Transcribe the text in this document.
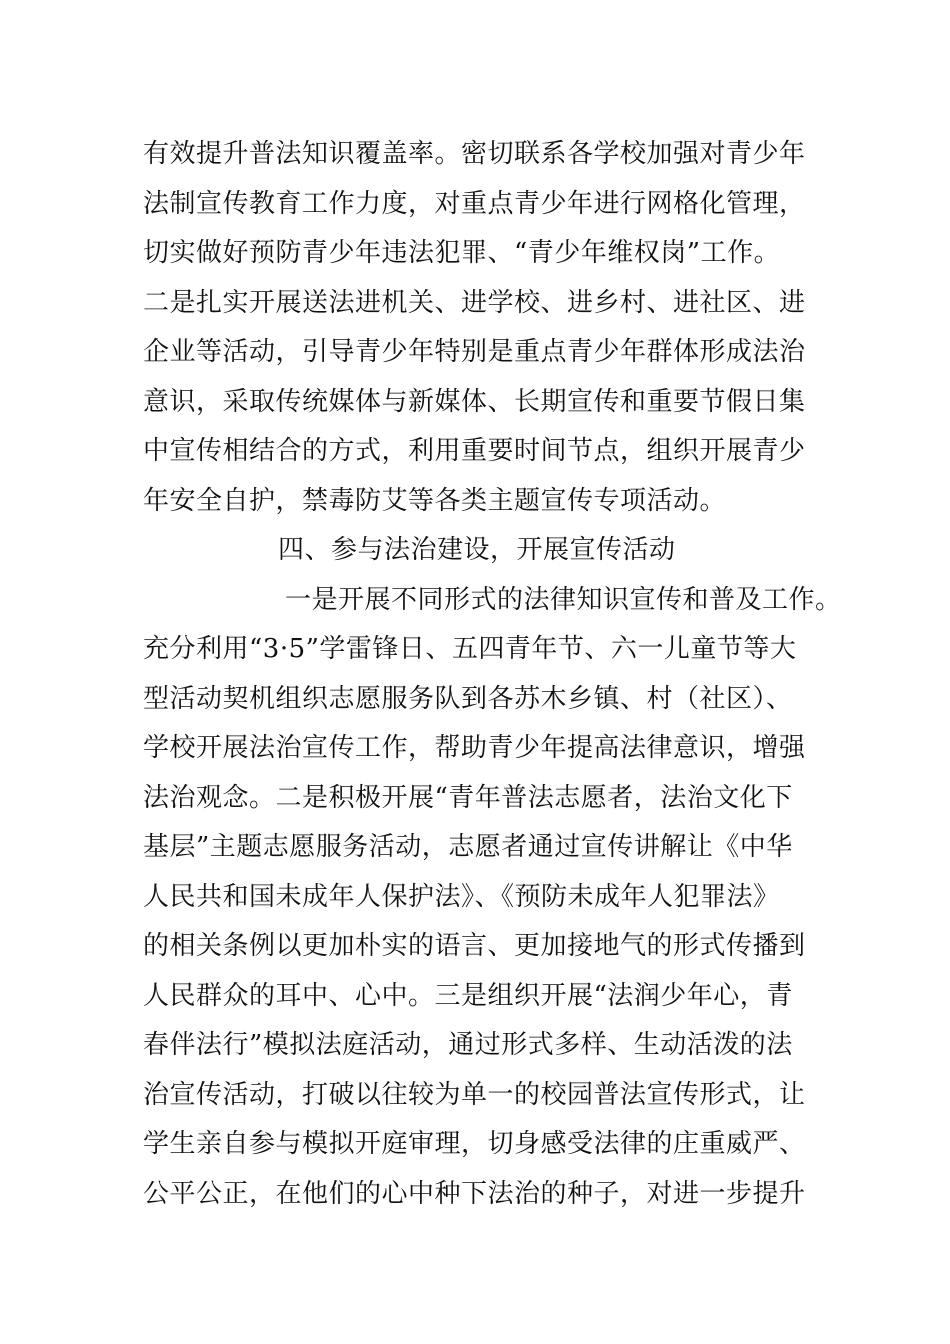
有效提升普法知识覆盖率。密切联系各学校加强对青少年
法制宣传教育工作力度，对重点青少年进行网格化管理，
切实做好预防青少年违法犯罪、“青少年维权岗”工作。
二是扎实开展送法进机关、进学校、进乡村、进社区、进
企业等活动，引导青少年特别是重点青少年群体形成法治
意识，采取传统媒体与新媒体、长期宣传和重要节假日集
中宣传相结合的方式，利用重要时间节点，组织开展青少
年安全自护，禁毒防艾等各类主题宣传专项活动。
四、参与法治建设，开展宣传活动
一是开展不同形式的法律知识宣传和普及工作。
充分利用“3·5”学雷锋日、五四青年节、六一儿童节等大
型活动契机组织志愿服务队到各苏木乡镇、村（社区）、
学校开展法治宣传工作，帮助青少年提高法律意识，增强
法治观念。二是积极开展“青年普法志愿者，法治文化下
基层”主题志愿服务活动，志愿者通过宣传讲解让《中华
人民共和国未成年人保护法》、《预防未成年人犯罪法》
的相关条例以更加朴实的语言、更加接地气的形式传播到
人民群众的耳中、心中。三是组织开展“法润少年心，青
春伴法行”模拟法庭活动，通过形式多样、生动活泼的法
治宣传活动，打破以往较为单一的校园普法宣传形式，让
学生亲自参与模拟开庭审理，切身感受法律的庄重威严、
公平公正，在他们的心中种下法治的种子，对进一步提升
